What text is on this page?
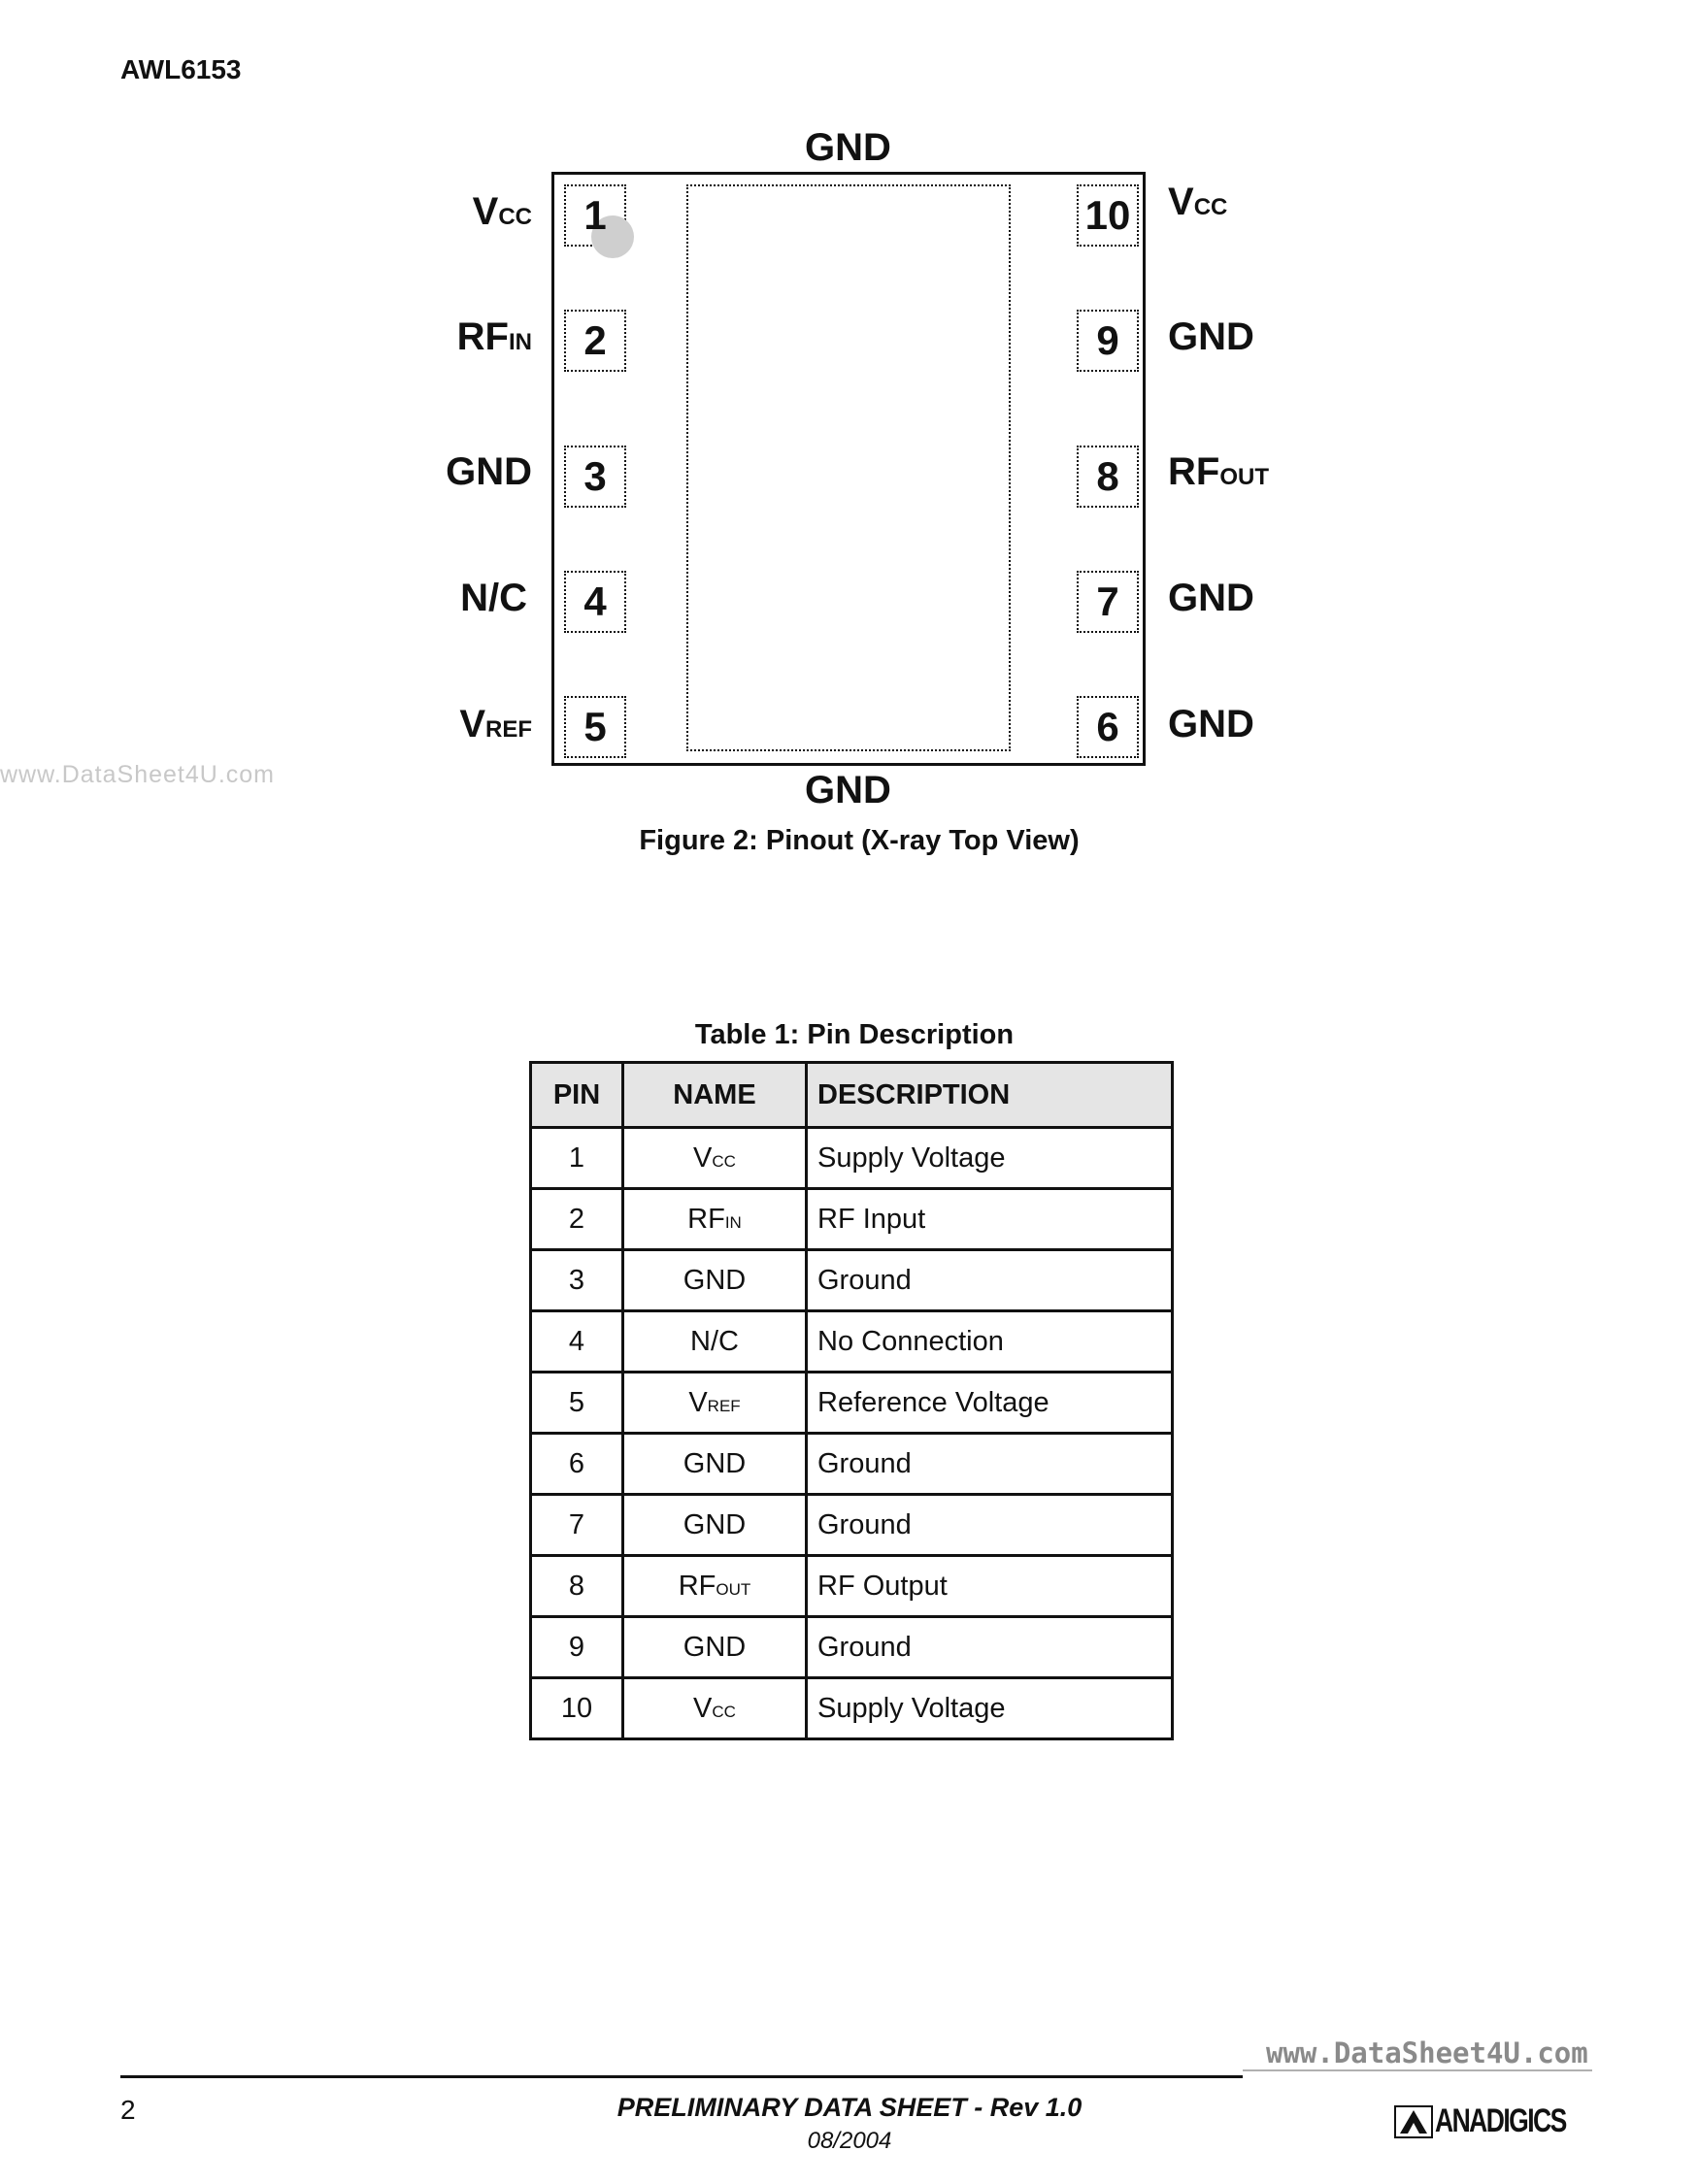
AWL6153
www.DataSheet4U.com
GND
1
2
3
4
5
10
9
8
7
6
VCC
RFIN
GND
N/C
VREF
VCC
GND
RFOUT
GND
GND
GND
Figure 2: Pinout (X-ray Top View)
Table 1: Pin Description
PIN	NAME	DESCRIPTION
1	VCC	Supply Voltage
2	RFIN	RF Input
3	GND	Ground
4	N/C	No Connection
5	VREF	Reference Voltage
6	GND	Ground
7	GND	Ground
8	RFOUT	RF Output
9	GND	Ground
10	VCC	Supply Voltage
www.DataSheet4U.com
2	PRELIMINARY DATA SHEET - Rev 1.0
08/2004
ANADIGICS
